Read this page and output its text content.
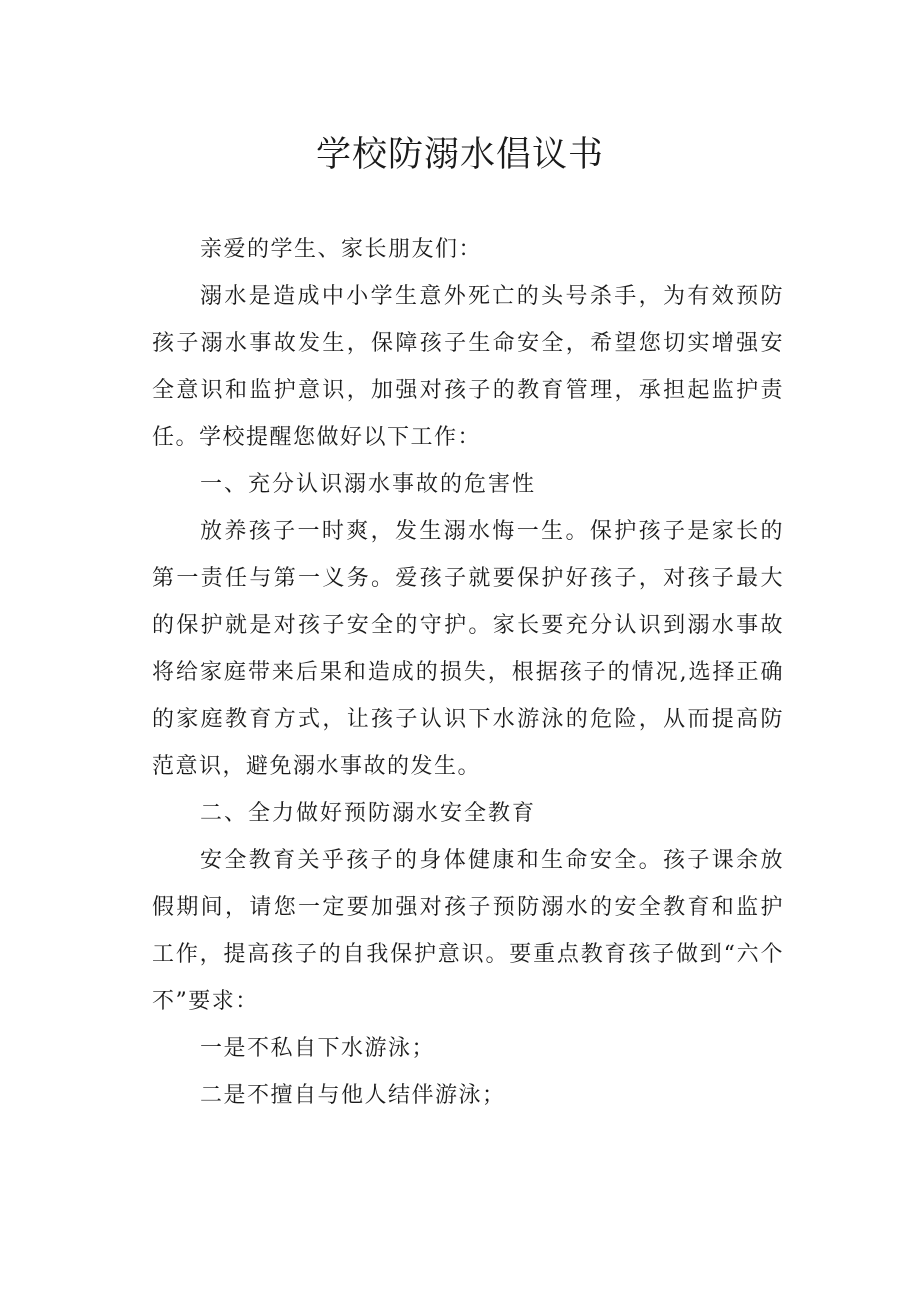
学校防溺水倡议书

亲爱的学生、家长朋友们：

溺水是造成中小学生意外死亡的头号杀手，为有效预防孩子溺水事故发生，保障孩子生命安全，希望您切实增强安全意识和监护意识，加强对孩子的教育管理，承担起监护责任。学校提醒您做好以下工作：

一、充分认识溺水事故的危害性

放养孩子一时爽，发生溺水悔一生。保护孩子是家长的第一责任与第一义务。爱孩子就要保护好孩子，对孩子最大的保护就是对孩子安全的守护。家长要充分认识到溺水事故将给家庭带来后果和造成的损失，根据孩子的情况,选择正确的家庭教育方式，让孩子认识下水游泳的危险，从而提高防范意识，避免溺水事故的发生。

二、全力做好预防溺水安全教育

安全教育关乎孩子的身体健康和生命安全。孩子课余放假期间，请您一定要加强对孩子预防溺水的安全教育和监护工作，提高孩子的自我保护意识。要重点教育孩子做到“六个不”要求：

一是不私自下水游泳；

二是不擅自与他人结伴游泳；
